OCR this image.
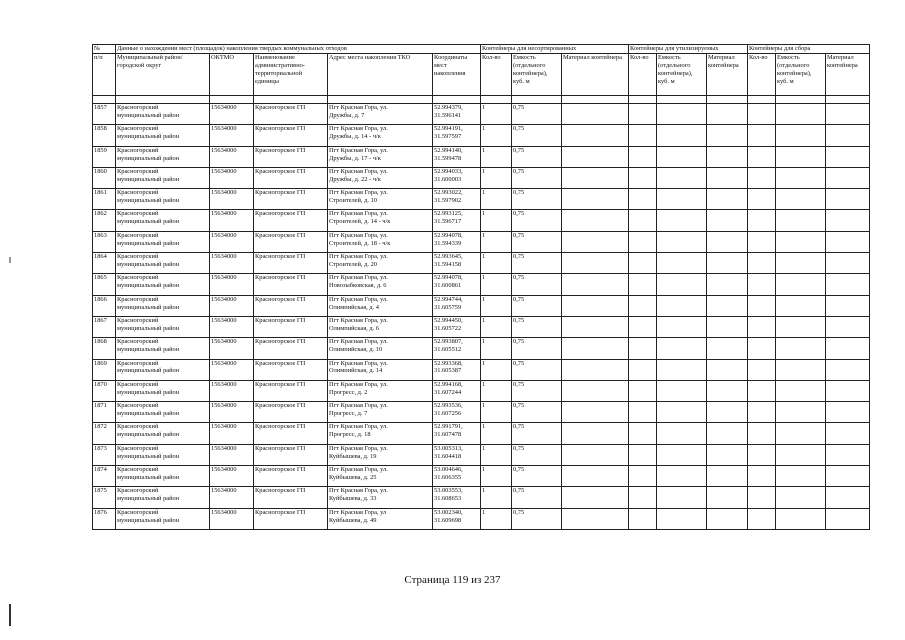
№	Данные о нахождении мест (площадок) накопления твердых коммунальных отходов					Контейнеры для несортированных			Контейнеры для утилизируемых			Контейнеры для сбора		
п/п	Муниципальный район/городской округ	ОКТМО	Наименование административно-территориальной единицы	Адрес места накопления ТКО	Координаты мест накопления	Кол-во	Емкость (отдельного контейнера), куб. м	Материал контейнера	Кол-во	Емкость (отдельного контейнера), куб. м	Материал контейнера	Кол-во	Емкость (отдельного контейнера), куб. м	Материал контейнера

1857	Красногорский
муниципальный район	15634000	Красногорское ГП	Пгт Красная Гора, ул.
Дружбы, д. 7	52.994379,
31.596141	1	0,75							
1858	Красногорский
муниципальный район	15634000	Красногорское ГП	Пгт Красная Гора, ул.
Дружбы, д. 14 - ч/к	52.994191,
31.597597	1	0,75							
1859	Красногорский
муниципальный район	15634000	Красногорское ГП	Пгт Красная Гора, ул.
Дружбы, д. 17 - ч/к	52.994140,
31.599478	1	0,75							
1860	Красногорский
муниципальный район	15634000	Красногорское ГП	Пгт Красная Гора, ул.
Дружбы, д. 22 - ч/к	52.994033,
31.600003	1	0,75							
1861	Красногорский
муниципальный район	15634000	Красногорское ГП	Пгт Красная Гора, ул.
Строителей, д. 10	52.993022,
31.597902	1	0,75							
1862	Красногорский
муниципальный район	15634000	Красногорское ГП	Пгт Красная Гора, ул.
Строителей, д. 14 - ч/к	52.993125,
31.596717	1	0,75							
1863	Красногорский
муниципальный район	15634000	Красногорское ГП	Пгт Красная Гора, ул.
Строителей, д. 18 - ч/к	52.994078,
31.594339	1	0,75							
1864	Красногорский
муниципальный район	15634000	Красногорское ГП	Пгт Красная Гора, ул.
Строителей, д. 20	52.993645,
31.594158	1	0,75							
1865	Красногорский
муниципальный район	15634000	Красногорское ГП	Пгт Красная Гора, ул.
Новозыбковская, д. 6	52.994078,
31.600861	1	0,75							
1866	Красногорский
муниципальный район	15634000	Красногорское ГП	Пгт Красная Гора, ул.
Олимпийская, д. 4	52.994744,
31.605759	1	0,75							
1867	Красногорский
муниципальный район	15634000	Красногорское ГП	Пгт Красная Гора, ул.
Олимпийская, д. 6	52.994450,
31.605722	1	0,75							
1868	Красногорский
муниципальный район	15634000	Красногорское ГП	Пгт Красная Гора, ул.
Олимпийская, д. 10	52.993807,
31.605512	1	0,75							
1869	Красногорский
муниципальный район	15634000	Красногорское ГП	Пгт Красная Гора, ул.
Олимпийская, д. 14	52.993368,
31.605387	1	0,75							
1870	Красногорский
муниципальный район	15634000	Красногорское ГП	Пгт Красная Гора, ул.
Прогресс, д. 2	52.994168,
31.607244	1	0,75							
1871	Красногорский
муниципальный район	15634000	Красногорское ГП	Пгт Красная Гора, ул.
Прогресс, д. 7	52.993536,
31.607256	1	0,75							
1872	Красногорский
муниципальный район	15634000	Красногорское ГП	Пгт Красная Гора, ул.
Прогресс, д. 18	52.991791,
31.607478	1	0,75							
1873	Красногорский
муниципальный район	15634000	Красногорское ГП	Пгт Красная Гора, ул.
Куйбышева, д. 19	53.005313,
31.604418	1	0,75							
1874	Красногорский
муниципальный район	15634000	Красногорское ГП	Пгт Красная Гора, ул.
Куйбышева, д. 25	53.004646,
31.606355	1	0,75							
1875	Красногорский
муниципальный район	15634000	Красногорское ГП	Пгт Красная Гора, ул.
Куйбышева, д. 33	53.003553,
31.608653	1	0,75							
1876	Красногорский
муниципальный район	15634000	Красногорское ГП	Пгт Красная Гора, ул
Куйбышева, д. 49	53.002340,
31.609698	1	0,75							
Страница 119 из 237
